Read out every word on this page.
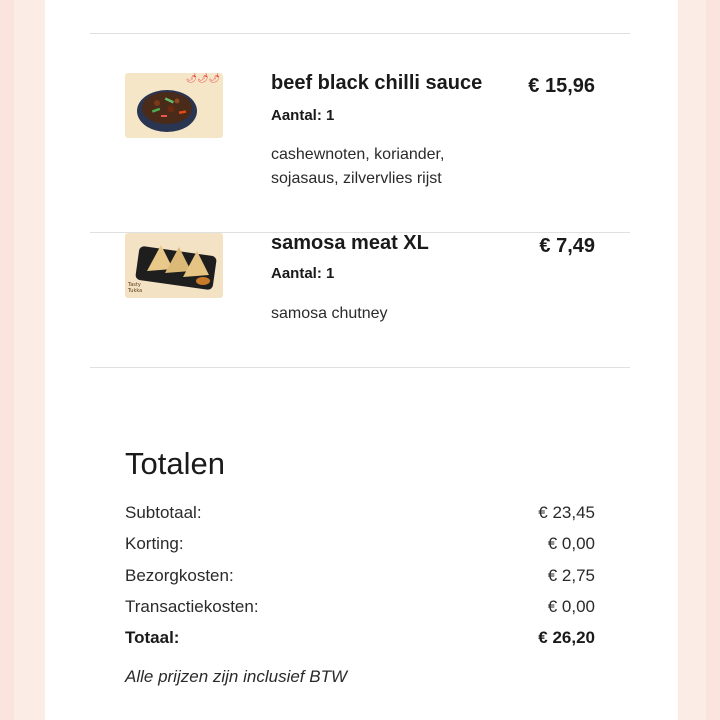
🌶🌶🌶	beef black chilli sauce
Aantal: 1
cashewnoten, koriander, sojasaus, zilvervlies rijst
€ 15,96
Tasty Tukka
samosa meat XL
Aantal: 1
samosa chutney
€ 7,49
Totalen
Subtotaal:	€ 23,45
Korting:	€ 0,00
Bezorgkosten:	€ 2,75
Transactiekosten:	€ 0,00
Totaal:	€ 26,20
Alle prijzen zijn inclusief BTW
